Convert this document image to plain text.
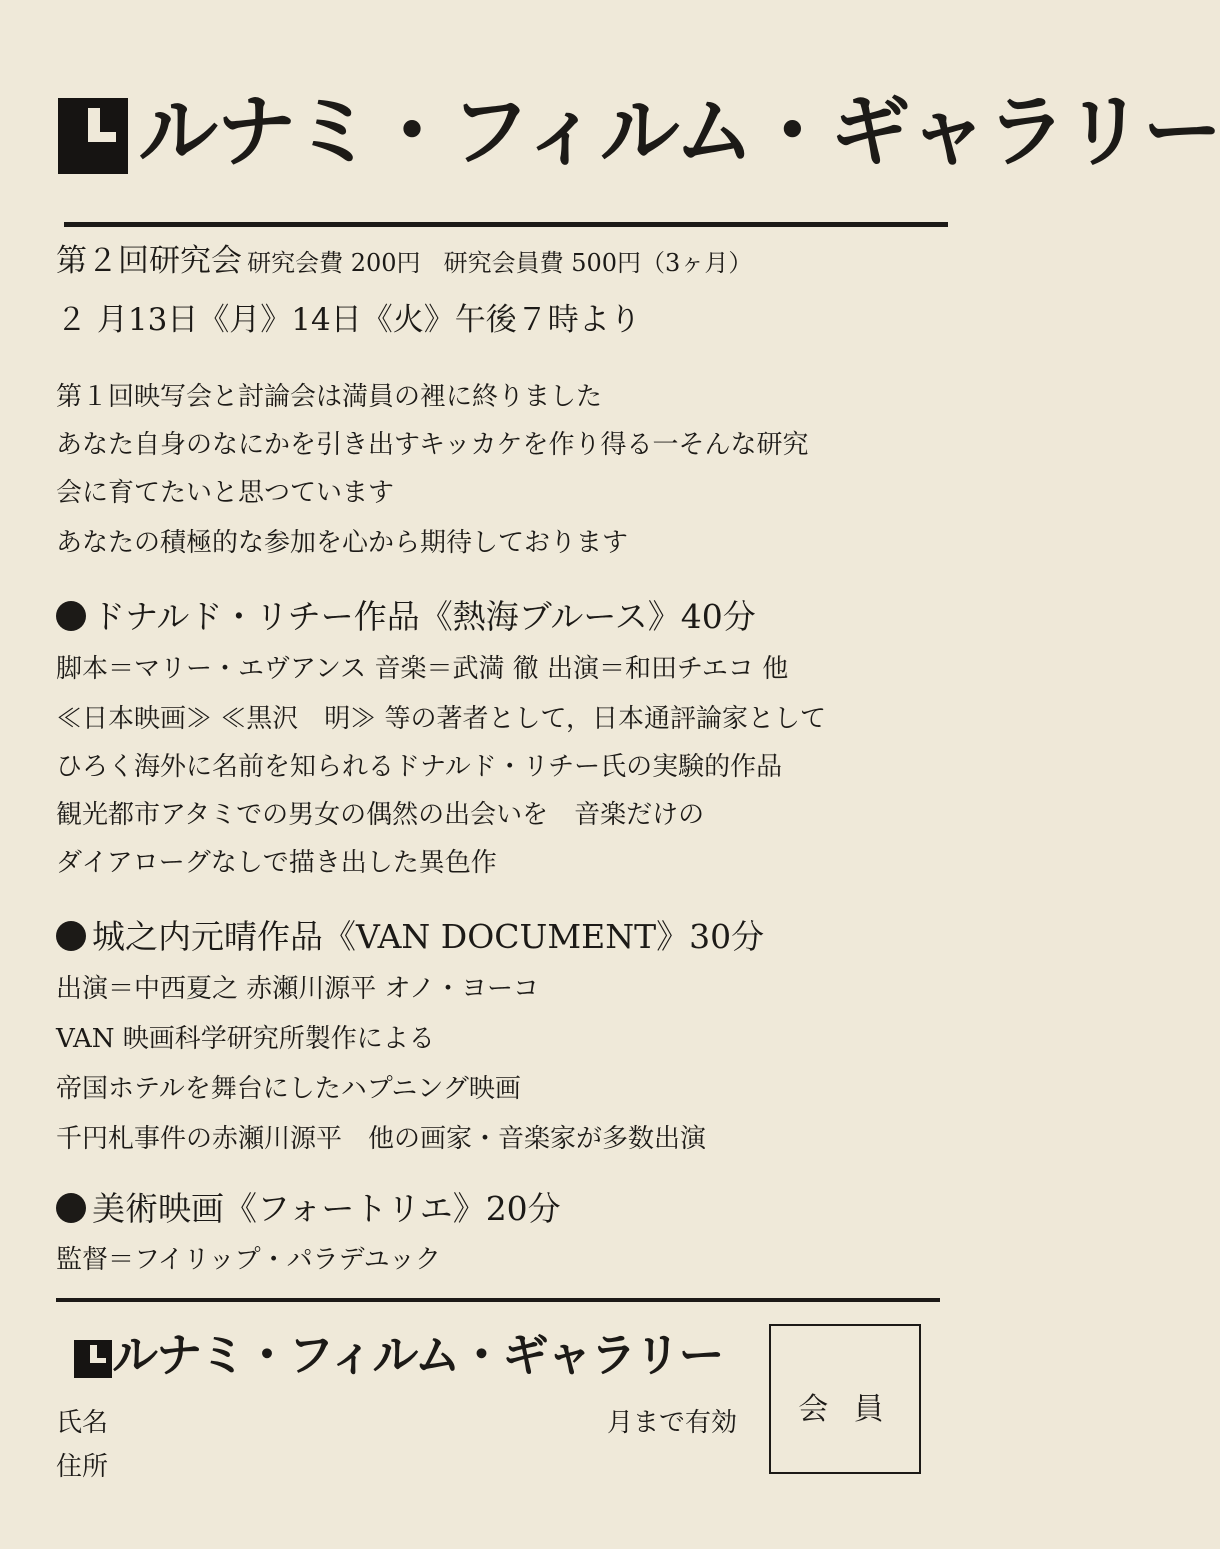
ルナミ・フィルム・ギャラリー
第２回研究会 研究会費 200円 研究会員費 500円（3ヶ月）
２ 月13日《月》14日《火》午後７時より
第１回映写会と討論会は満員の裡に終りました
あなた自身のなにかを引き出すキッカケを作り得る一そんな研究
会に育てたいと思つています
あなたの積極的な参加を心から期待しております
ドナルド・リチー作品《熱海ブルース》40分
脚本＝マリー・エヴアンス 音楽＝武満 徹 出演＝和田チエコ 他
≪日本映画≫ ≪黒沢　明≫ 等の著者として，日本通評論家として
ひろく海外に名前を知られるドナルド・リチー氏の実験的作品
観光都市アタミでの男女の偶然の出会いを　音楽だけの
ダイアローグなしで描き出した異色作
城之内元晴作品《VAN DOCUMENT》30分
出演＝中西夏之 赤瀬川源平 オノ・ヨーコ
VAN 映画科学研究所製作による
帝国ホテルを舞台にしたハプニング映画
千円札事件の赤瀬川源平　他の画家・音楽家が多数出演
美術映画《フォートリエ》20分
監督＝フイリップ・パラデユック
ルナミ・フィルム・ギャラリー
氏名
住所
月まで有効	会 員
